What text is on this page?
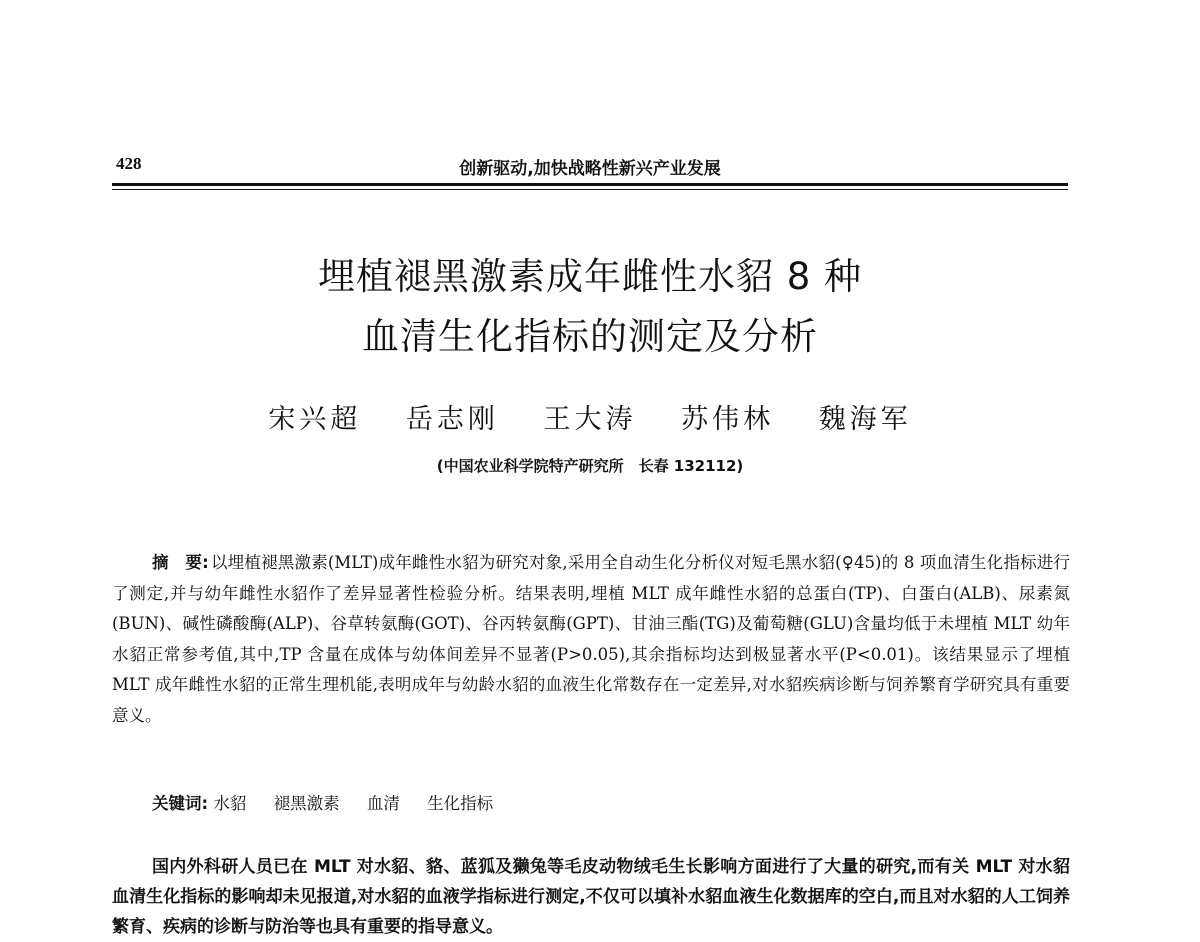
428	创新驱动,加快战略性新兴产业发展
埋植褪黑激素成年雌性水貂 8 种
血清生化指标的测定及分析
宋兴超 岳志刚 王大涛 苏伟林 魏海军
(中国农业科学院特产研究所　长春 132112)
摘　要: 以埋植褪黑激素(MLT)成年雌性水貂为研究对象,采用全自动生化分析仪对短毛黑水貂(♀45)的 8 项血清生化指标进行了测定,并与幼年雌性水貂作了差异显著性检验分析。结果表明,埋植 MLT 成年雌性水貂的总蛋白(TP)、白蛋白(ALB)、尿素氮(BUN)、碱性磷酸酶(ALP)、谷草转氨酶(GOT)、谷丙转氨酶(GPT)、甘油三酯(TG)及葡萄糖(GLU)含量均低于未埋植 MLT 幼年水貂正常参考值,其中,TP 含量在成体与幼体间差异不显著(P>0.05),其余指标均达到极显著水平(P<0.01)。该结果显示了埋植 MLT 成年雌性水貂的正常生理机能,表明成年与幼龄水貂的血液生化常数存在一定差异,对水貂疾病诊断与饲养繁育学研究具有重要意义。
关键词: 水貂 褪黑激素 血清 生化指标
国内外科研人员已在 MLT 对水貂、貉、蓝狐及獭兔等毛皮动物绒毛生长影响方面进行了大量的研究,而有关 MLT 对水貂血清生化指标的影响却未见报道,对水貂的血液学指标进行测定,不仅可以填补水貂血液生化数据库的空白,而且对水貂的人工饲养繁育、疾病的诊断与防治等也具有重要的指导意义。
